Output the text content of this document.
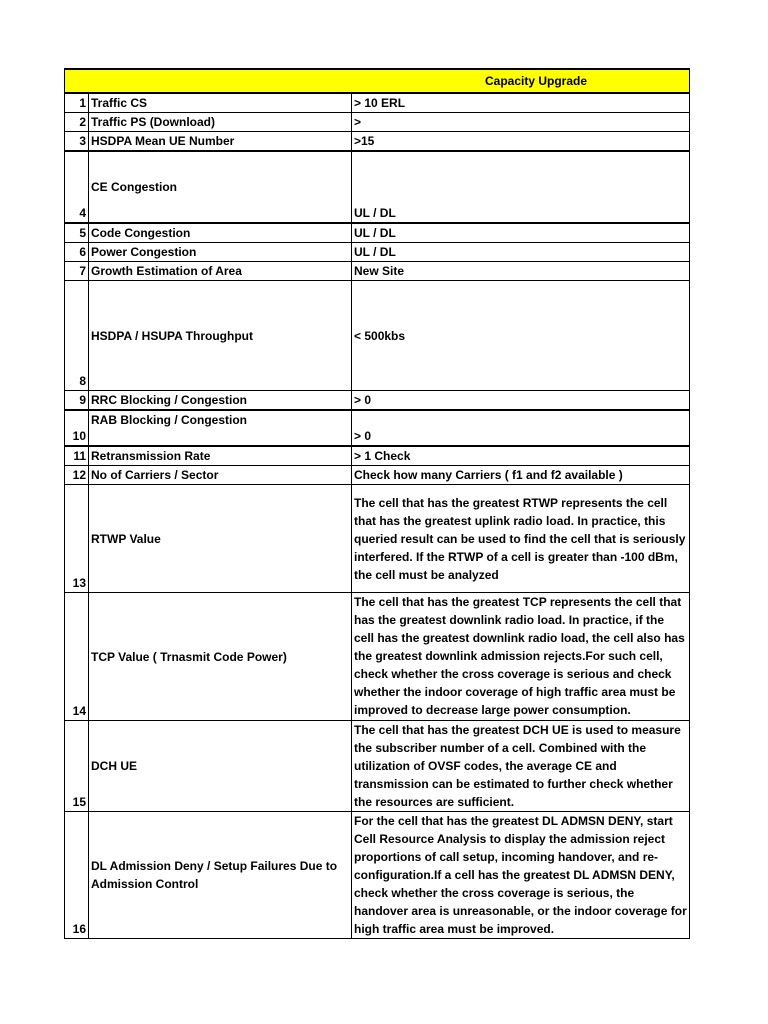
Capacity Upgrade		

1	Traffic CS	> 10 ERL
2	Traffic PS (Download)	>
3	HSDPA Mean UE Number	>15
4	CE Congestion	UL / DL
5	Code Congestion	UL / DL
6	Power Congestion	UL / DL
7	Growth Estimation of Area	New Site
8	HSDPA / HSUPA Throughput	< 500kbs
9	RRC Blocking / Congestion	> 0
10	RAB Blocking / Congestion	> 0
11	Retransmission Rate	> 1 Check
12	No of Carriers / Sector	Check how many Carriers ( f1 and f2 available )
13	RTWP Value	The cell that has the greatest RTWP represents the cell that has the greatest uplink radio load. In practice, this queried result can be used to find the cell that is seriously interfered. If the RTWP of a cell is greater than -100 dBm, the cell must be analyzed
14	TCP Value ( Trnasmit Code Power)	The cell that has the greatest TCP represents the cell that has the greatest downlink radio load. In practice, if the cell has the greatest downlink radio load, the cell also has the greatest downlink admission rejects.For such cell, check whether the cross coverage is serious and check whether the indoor coverage of high traffic area must be improved to decrease large power consumption.
15	DCH UE	The cell that has the greatest DCH UE is used to measure the subscriber number of a cell. Combined with the utilization of OVSF codes, the average CE and transmission can be estimated to further check whether the resources are sufficient.
16	DL Admission Deny / Setup Failures Due to Admission Control	For the cell that has the greatest DL ADMSN DENY, start Cell Resource Analysis to display the admission reject proportions of call setup, incoming handover, and re-configuration.If a cell has the greatest DL ADMSN DENY, check whether the cross coverage is serious, the handover area is unreasonable, or the indoor coverage for high traffic area must be improved.
